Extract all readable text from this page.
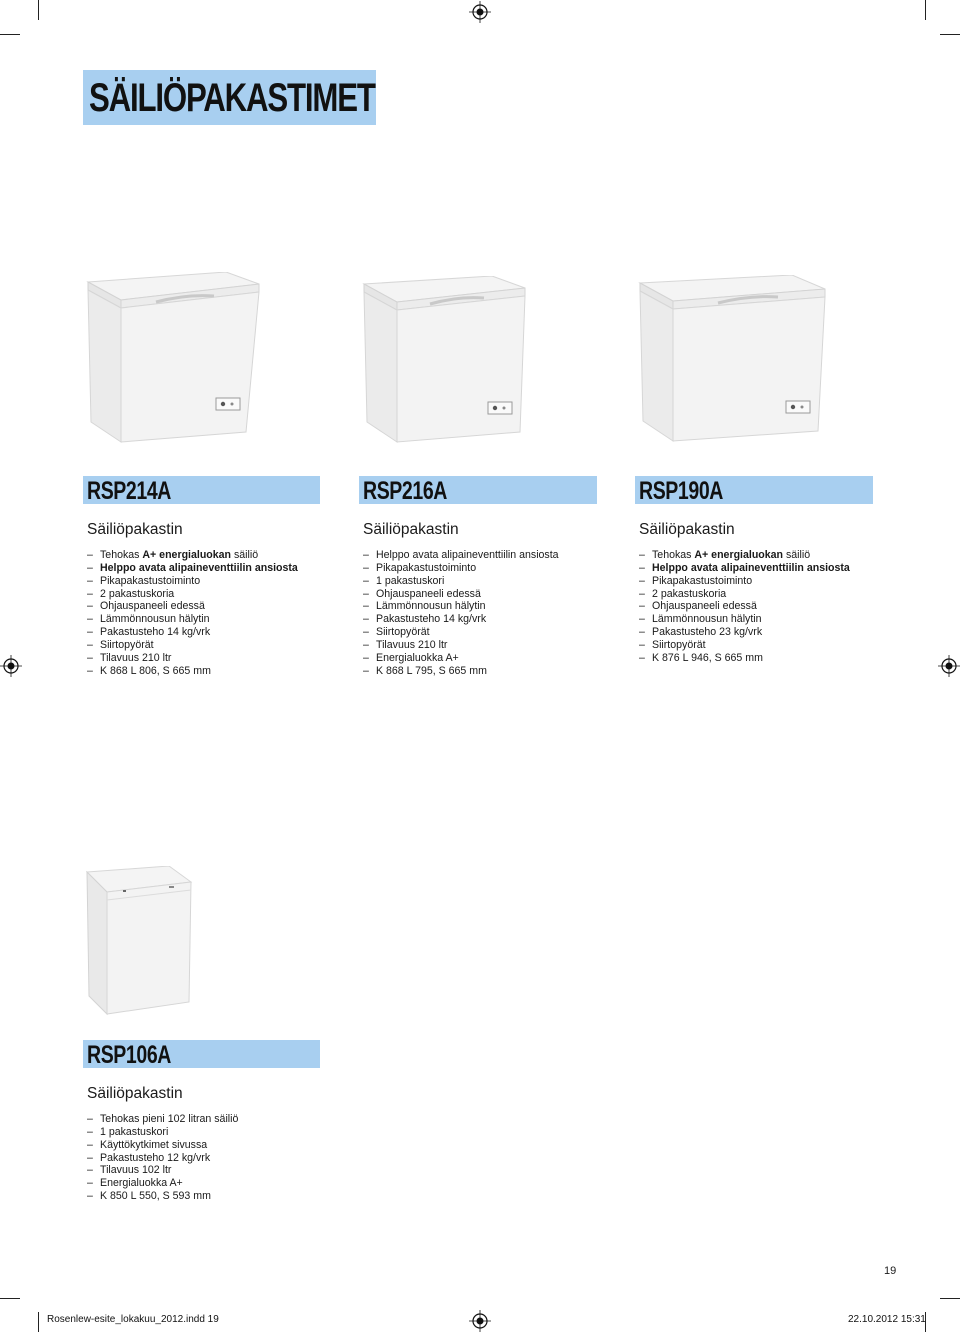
SÄILIÖPAKASTIMET
RSP214A
Säiliöpakastin
– Tehokas A+ energialuokan säiliö
– Helppo avata alipaineventtiilin ansiosta
– Pikapakastustoiminto
– 2 pakastuskoria
– Ohjauspaneeli edessä
– Lämmönnousun hälytin
– Pakastusteho 14 kg/vrk
– Siirtopyörät
– Tilavuus 210 ltr
– K 868 L 806, S 665 mm
RSP216A
Säiliöpakastin
– Helppo avata alipaineventtiilin ansiosta
– Pikapakastustoiminto
– 1 pakastuskori
– Ohjauspaneeli edessä
– Lämmönnousun hälytin
– Pakastusteho 14 kg/vrk
– Siirtopyörät
– Tilavuus 210 ltr
– Energialuokka A+
– K 868 L 795, S 665 mm
RSP190A
Säiliöpakastin
– Tehokas A+ energialuokan säiliö
– Helppo avata alipaineventtiilin ansiosta
– Pikapakastustoiminto
– 2 pakastuskoria
– Ohjauspaneeli edessä
– Lämmönnousun hälytin
– Pakastusteho 23 kg/vrk
– Siirtopyörät
– K 876 L 946, S 665 mm
RSP106A
Säiliöpakastin
– Tehokas pieni 102 litran säiliö
– 1 pakastuskori
– Käyttökytkimet sivussa
– Pakastusteho 12 kg/vrk
– Tilavuus 102 ltr
– Energialuokka A+
– K 850 L 550, S 593 mm
19
Rosenlew-esite_lokakuu_2012.indd 19	22.10.2012 15:31
